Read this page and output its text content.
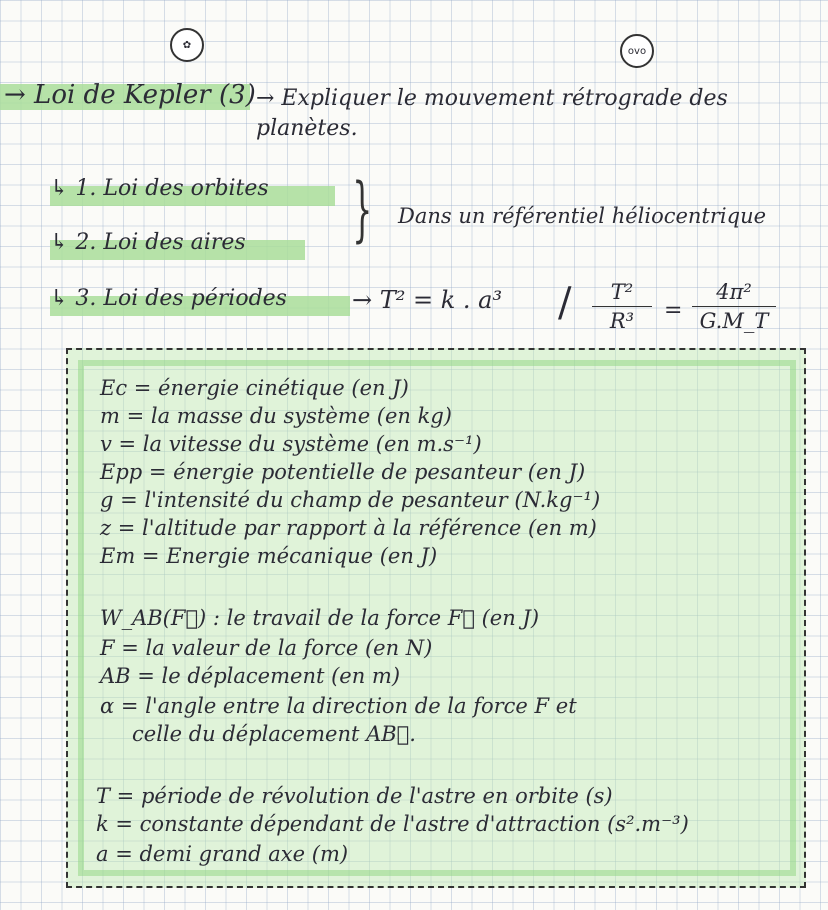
✿
ovo
→ Loi de Kepler (3) → Expliquer le mouvement rétrograde des planètes.
↳ 1. Loi des orbites
↳ 2. Loi des aires } Dans un référentiel héliocentrique
↳ 3. Loi des périodes	→ T² = k . a³ /	T²
R³	=
4π²
G.M_T
Ec = énergie cinétique (en J)
m = la masse du système (en kg)
v = la vitesse du système (en m.s⁻¹)
Epp = énergie potentielle de pesanteur (en J)
g = l'intensité du champ de pesanteur (N.kg⁻¹)
z = l'altitude par rapport à la référence (en m)
Em = Energie mécanique (en J)
W_AB(F⃗) : le travail de la force F⃗ (en J)
F = la valeur de la force (en N)
AB = le déplacement (en m)
α = l'angle entre la direction de la force F et
celle du déplacement AB⃗.
T = période de révolution de l'astre en orbite (s)
k = constante dépendant de l'astre d'attraction (s².m⁻³)
a = demi grand axe (m)
